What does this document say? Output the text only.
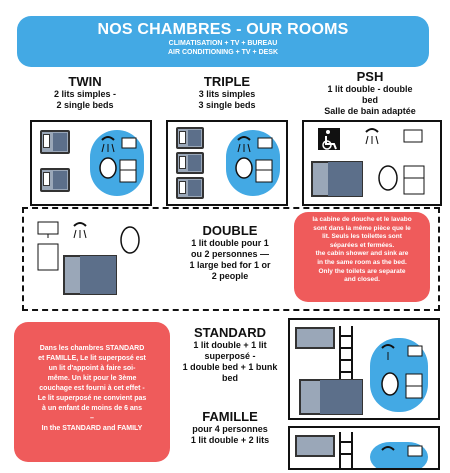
NOS CHAMBRES - OUR ROOMS
CLIMATISATION + TV + BUREAU
AIR CONDITIONING + TV + DESK
TWIN
2 lits simples -
2 single beds
TRIPLE
3 lits simples
3 single beds
PSH
1 lit double - double
bed
Salle de bain adaptée
DOUBLE
1 lit double pour 1
ou 2 personnes —
1 large bed for 1 or
2 people
la cabine de douche et le lavabo
sont dans la même pièce que le
lit. Seuls les toilettes sont
séparées et fermées.
the cabin shower and sink are
in the same room as the bed.
Only the toilets are separate
and closed.
Dans les chambres STANDARD
et FAMILLE, Le lit superposé est
un lit d'appoint à faire soi-
même. Un kit pour le 3ème
couchage est fourni à cet effet -
Le lit superposé ne convient pas
à un enfant de moins de 6 ans
–
In the STANDARD and FAMILY
STANDARD
1 lit double + 1 lit
superposé -
1 double bed + 1 bunk
bed
FAMILLE
pour 4 personnes
1 lit double + 2 lits
